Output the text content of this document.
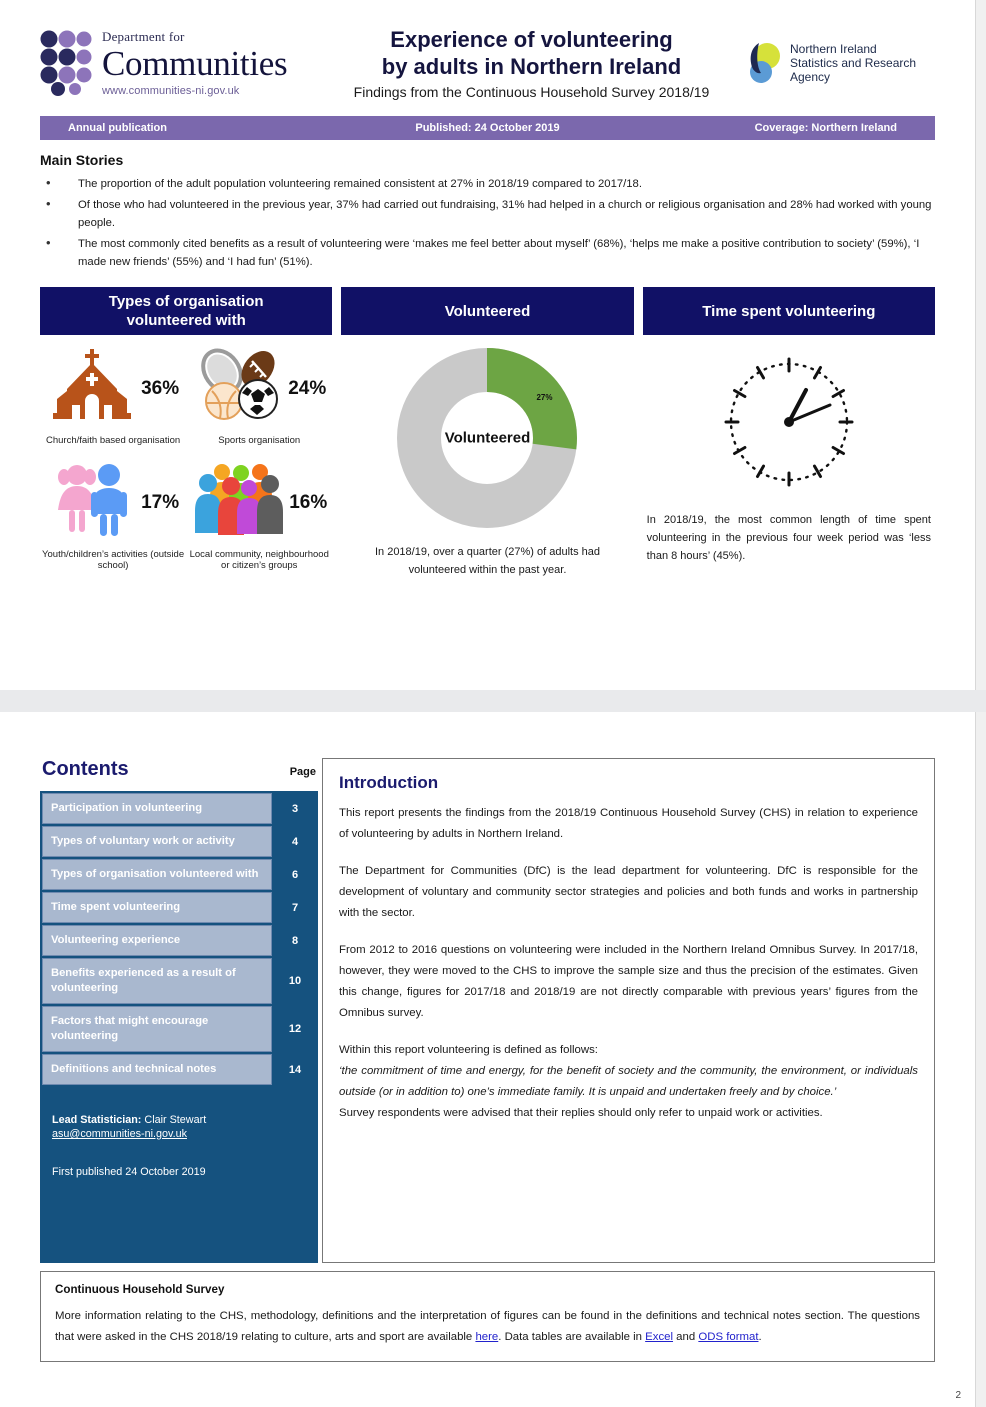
Department for
Communities
www.communities-ni.gov.uk
Experience of volunteering
by adults in Northern Ireland
Findings from the Continuous Household Survey 2018/19
Northern Ireland
Statistics and Research Agency
Annual publication	Published: 24 October 2019	Coverage: Northern Ireland
Main Stories
• The proportion of the adult population volunteering remained consistent at 27% in 2018/19 compared to 2017/18.
• Of those who had volunteered in the previous year, 37% had carried out fundraising, 31% had helped in a church or religious organisation and 28% had worked with young people.
• The most commonly cited benefits as a result of volunteering were ‘makes me feel better about myself’ (68%), ‘helps me make a positive contribution to society’ (59%), ‘I made new friends’ (55%) and ‘I had fun’ (51%).
Types of organisation
volunteered with
36%
Church/faith based organisation
24%
Sports organisation
17%
Youth/children’s activities (outside school)
16%
Local community, neighbourhood or citizen’s groups
Volunteered
Volunteered
27%
In 2018/19, over a quarter (27%) of adults had volunteered within the past year.
Time spent volunteering
In 2018/19, the most common length of time spent volunteering in the previous four week period was ‘less than 8 hours’ (45%).
Contents	Page
Participation in volunteering	3
Types of voluntary work or activity	4
Types of organisation volunteered with	6
Time spent volunteering	7
Volunteering experience	8
Benefits experienced as a result of volunteering
10
Factors that might encourage volunteering
12
Definitions and technical notes	14
Lead Statistician: Clair Stewart
asu@communities-ni.gov.uk
First published 24 October 2019
Introduction
This report presents the findings from the 2018/19 Continuous Household Survey (CHS) in relation to experience of volunteering by adults in Northern Ireland.
The Department for Communities (DfC) is the lead department for volunteering. DfC is responsible for the development of voluntary and community sector strategies and policies and both funds and works in partnership with the sector.
From 2012 to 2016 questions on volunteering were included in the Northern Ireland Omnibus Survey. In 2017/18, however, they were moved to the CHS to improve the sample size and thus the precision of the estimates. Given this change, figures for 2017/18 and 2018/19 are not directly comparable with previous years’ figures from the Omnibus survey.
Within this report volunteering is defined as follows:
‘the commitment of time and energy, for the benefit of society and the community, the environment, or individuals outside (or in addition to) one’s immediate family. It is unpaid and undertaken freely and by choice.’
Survey respondents were advised that their replies should only refer to unpaid work or activities.
Continuous Household Survey
More information relating to the CHS, methodology, definitions and the interpretation of figures can be found in the definitions and technical notes section. The questions that were asked in the CHS 2018/19 relating to culture, arts and sport are available here. Data tables are available in Excel and ODS format.
2
